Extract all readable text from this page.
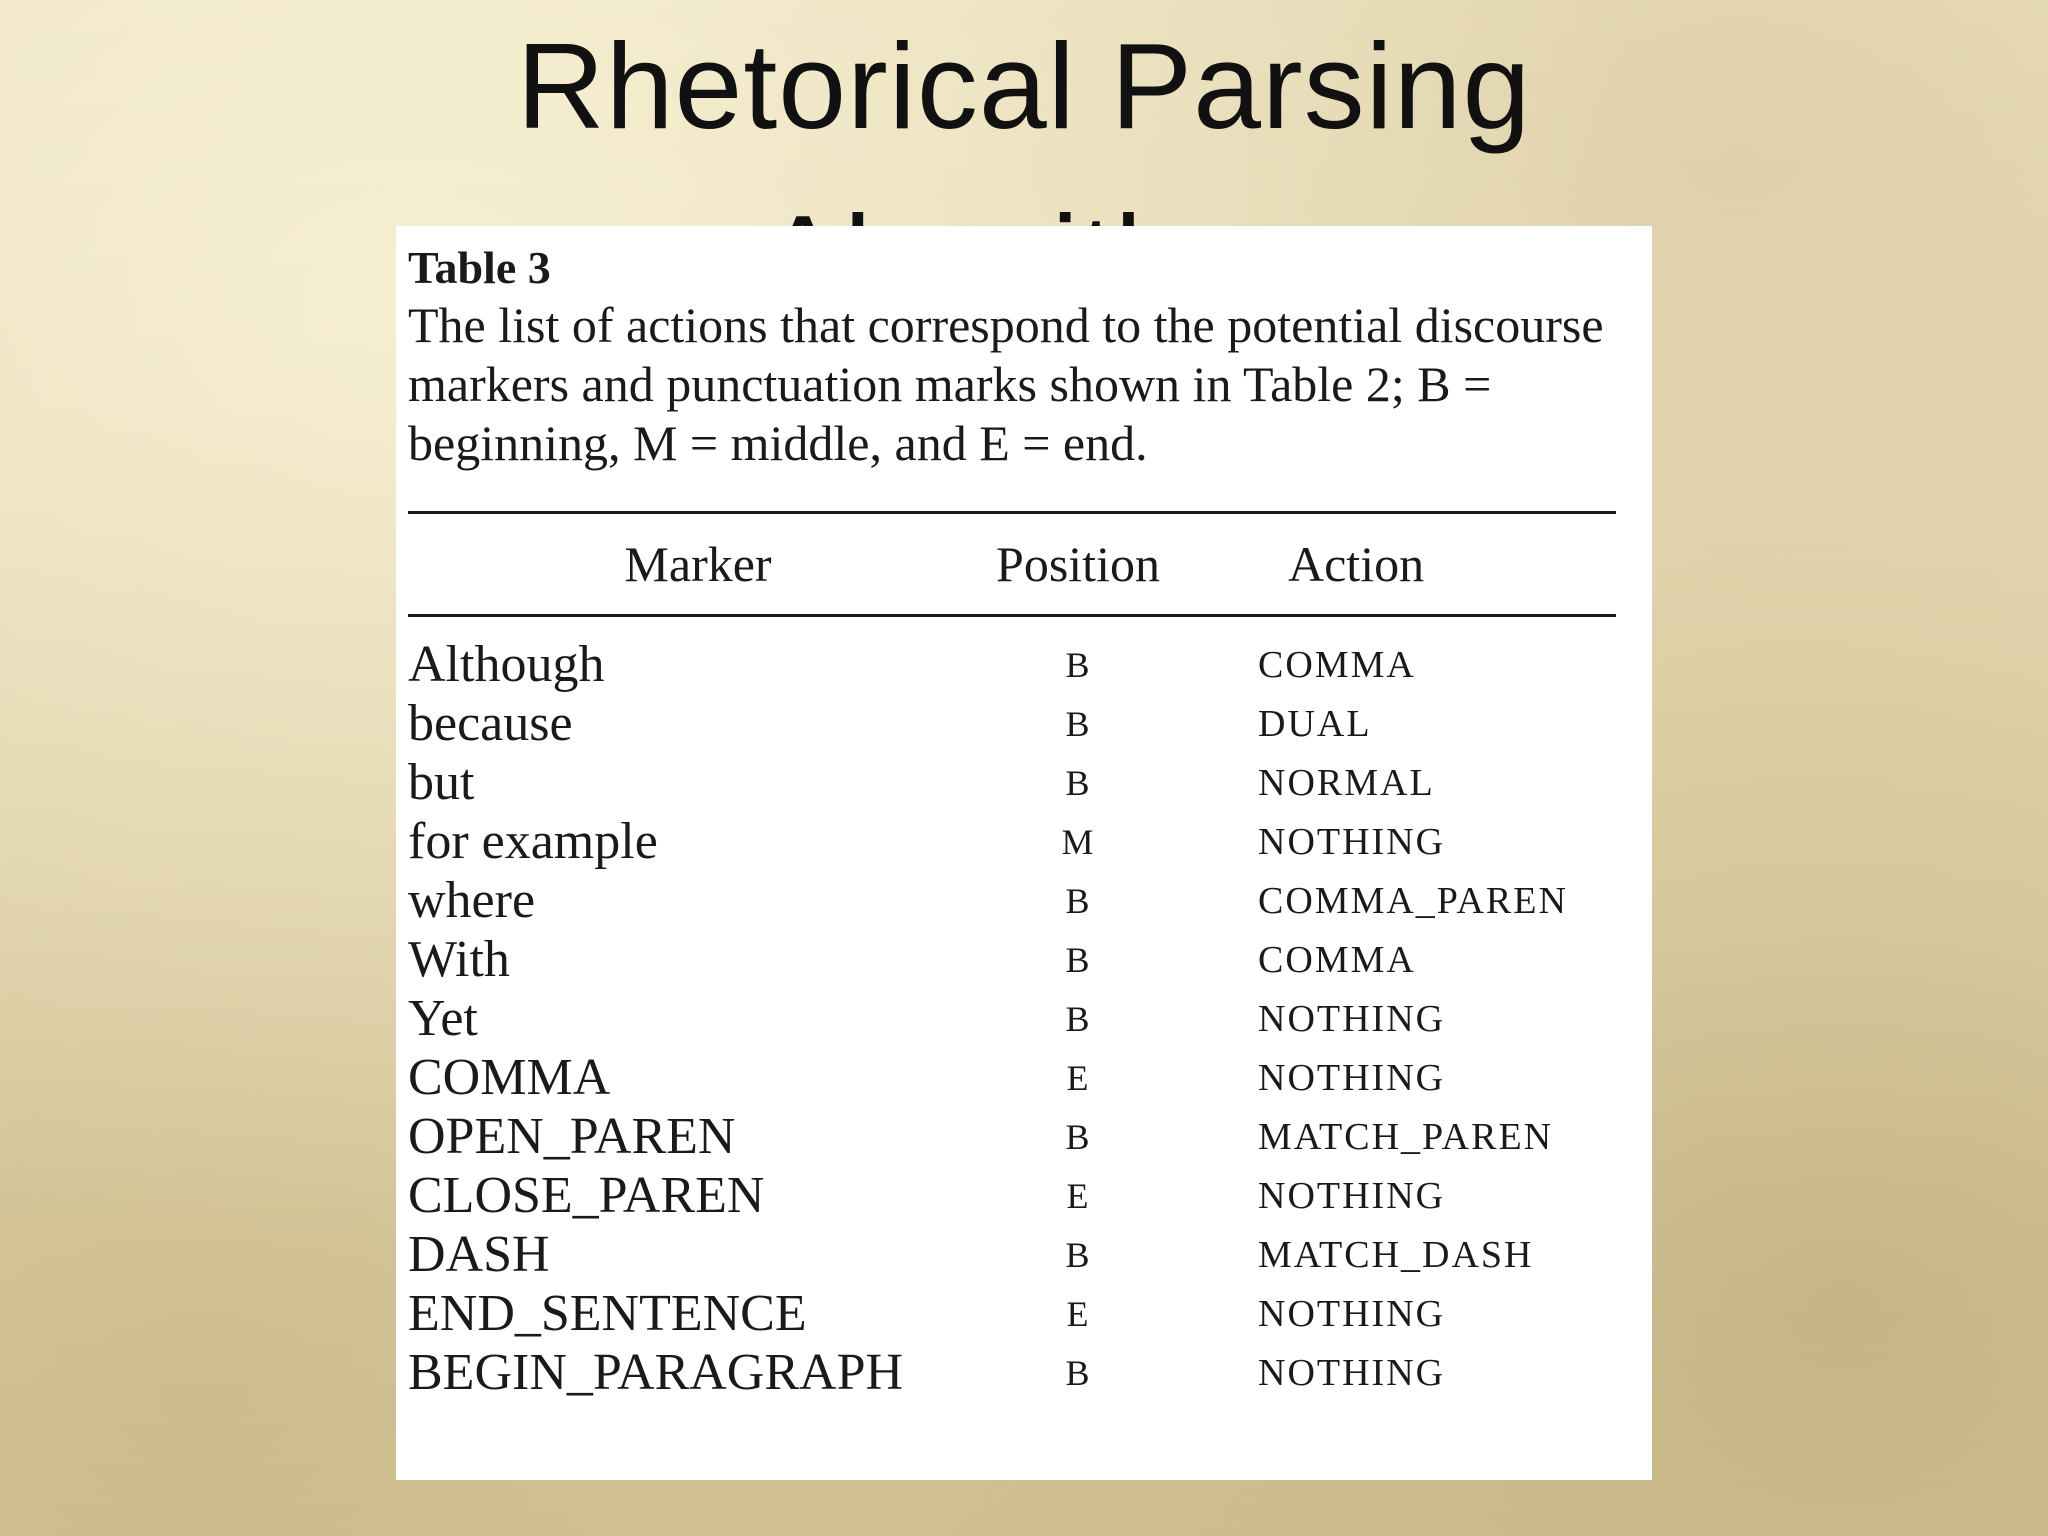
Rhetorical Parsing
Table 3
The list of actions that correspond to the potential discourse markers and punctuation marks shown in Table 2; B = beginning, M = middle, and E = end.
Marker	Position	Action
Although	B	COMMA
because	B	DUAL
but	B	NORMAL
for example	M	NOTHING
where	B	COMMA_PAREN
With	B	COMMA
Yet	B	NOTHING
COMMA	E	NOTHING
OPEN_PAREN	B	MATCH_PAREN
CLOSE_PAREN	E	NOTHING
DASH	B	MATCH_DASH
END_SENTENCE	E	NOTHING
BEGIN_PARAGRAPH	B	NOTHING
